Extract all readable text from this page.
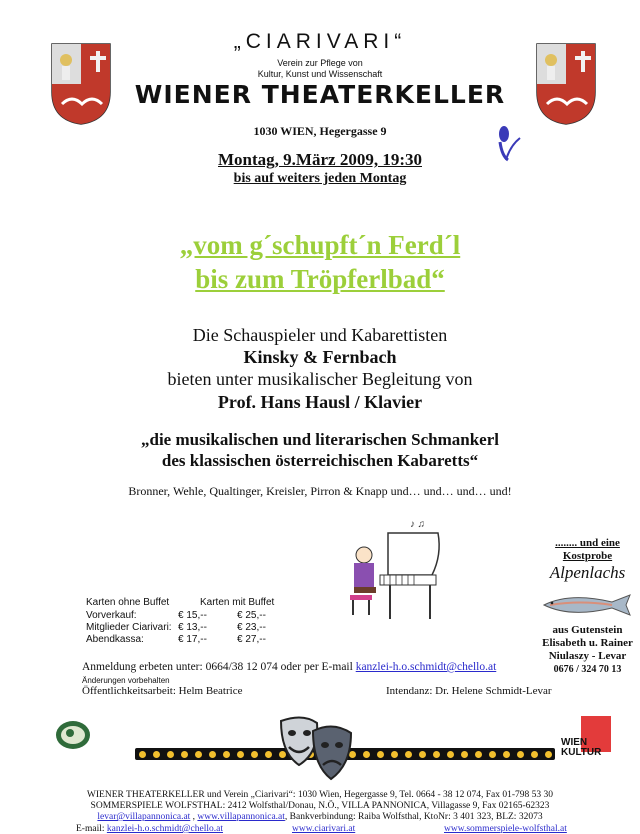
„CIARIVARI“
Verein zur Pflege von
Kultur, Kunst und Wissenschaft
WIENER THEATERKELLER
1030 WIEN, Hegergasse 9
Montag, 9.März 2009, 19:30
bis auf weiters jeden Montag
„vom g´schupft´n Ferd´l
bis zum Tröpferlbad“
Die Schauspieler und Kabarettisten
Kinsky & Fernbach
bieten unter musikalischer Begleitung von
Prof. Hans Hausl / Klavier
„die musikalischen und literarischen Schmankerl
des klassischen österreichischen Kabaretts“
Bronner, Wehle, Qualtinger, Kreisler, Pirron & Knapp und… und… und… und!
♪ ♫
........ und eine
Kostprobe
Alpenlachs
aus Gutenstein
Elisabeth u. Rainer
Niulaszy - Levar
0676 / 324 70 13
Karten ohne Buffet	Karten mit Buffet
Vorverkauf:	€ 15,--	€ 25,--
Mitglieder Ciarivari: € 13,--	€ 23,--
Abendkassa:	€ 17,--	€ 27,--
Anmeldung erbeten unter: 0664/38 12 074 oder per E-mail kanzlei-h.o.schmidt@chello.at
Änderungen vorbehalten
Öffentlichkeitsarbeit: Helm Beatrice	Intendanz: Dr. Helene Schmidt-Levar
WIEN KULTUR
WIENER THEATERKELLER und Verein „Ciarivari“: 1030 Wien, Hegergasse 9, Tel. 0664 - 38 12 074, Fax 01-798 53 30
SOMMERSPIELE WOLFSTHAL: 2412 Wolfsthal/Donau, N.Ö., VILLA PANNONICA, Villagasse 9, Fax 02165-62323
levar@villapannonica.at , www.villapannonica.at, Bankverbindung: Raiba Wolfsthal, KtoNr: 3 401 323, BLZ: 32073
E-mail: kanzlei-h.o.schmidt@chello.at	www.ciarivari.at	www.sommerspiele-wolfsthal.at
